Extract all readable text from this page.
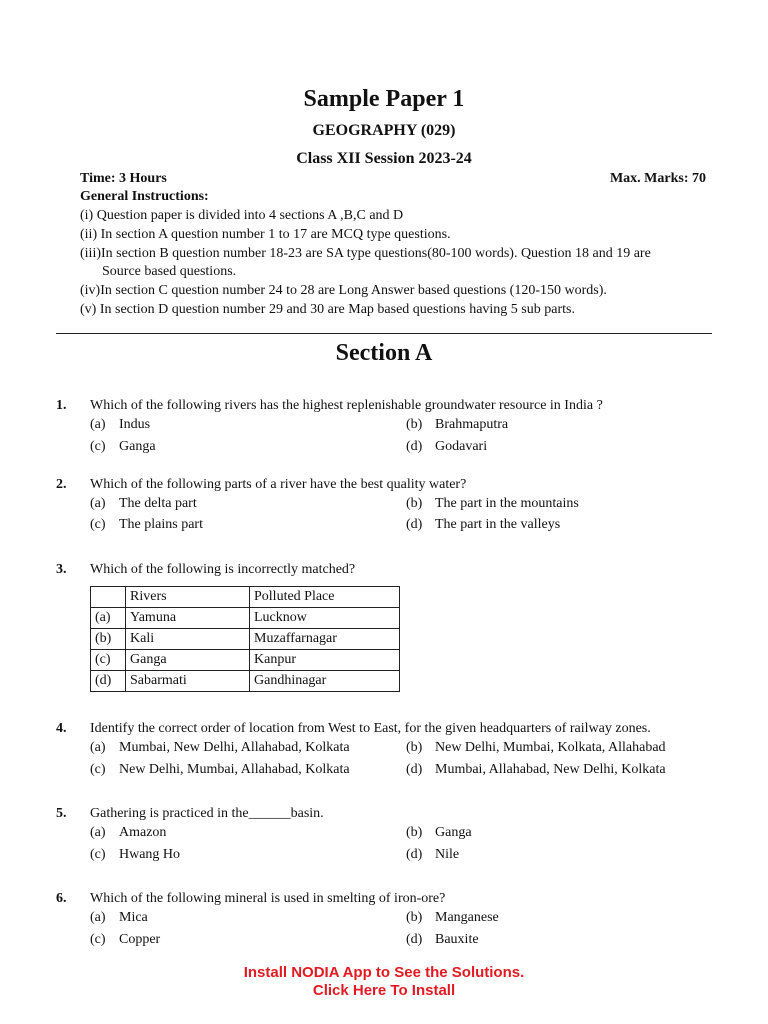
Sample Paper 1
GEOGRAPHY (029)
Class XII Session 2023-24
Time: 3 Hours	Max. Marks: 70
General Instructions:
(i) Question paper is divided into 4 sections A ,B,C and D
(ii) In section A question number 1 to 17 are MCQ type questions.
(iii)In section B question number 18-23 are SA type questions(80-100 words). Question 18 and 19 are
Source based questions.
(iv)In section C question number 24 to 28 are Long Answer based questions (120-150 words).
(v) In section D question number 29 and 30 are Map based questions having 5 sub parts.
Section A
1. Which of the following rivers has the highest replenishable groundwater resource in India ?
(a) Indus	(b) Brahmaputra
(c) Ganga	(d) Godavari
2. Which of the following parts of a river have the best quality water?
(a) The delta part	(b) The part in the mountains
(c) The plains part	(d) The part in the valleys
3. Which of the following is incorrectly matched?
	Rivers	Polluted Place
(a)	Yamuna	Lucknow
(b)	Kali	Muzaffarnagar
(c)	Ganga	Kanpur
(d)	Sabarmati	Gandhinagar
4. Identify the correct order of location from West to East, for the given headquarters of railway zones.
(a) Mumbai, New Delhi, Allahabad, Kolkata	(b) New Delhi, Mumbai, Kolkata, Allahabad
(c) New Delhi, Mumbai, Allahabad, Kolkata	(d) Mumbai, Allahabad, New Delhi, Kolkata
5. Gathering is practiced in the______basin.
(a) Amazon	(b) Ganga
(c) Hwang Ho	(d) Nile
6. Which of the following mineral is used in smelting of iron-ore?
(a) Mica	(b) Manganese
(c) Copper	(d) Bauxite
Install NODIA App to See the Solutions.
Click Here To Install
